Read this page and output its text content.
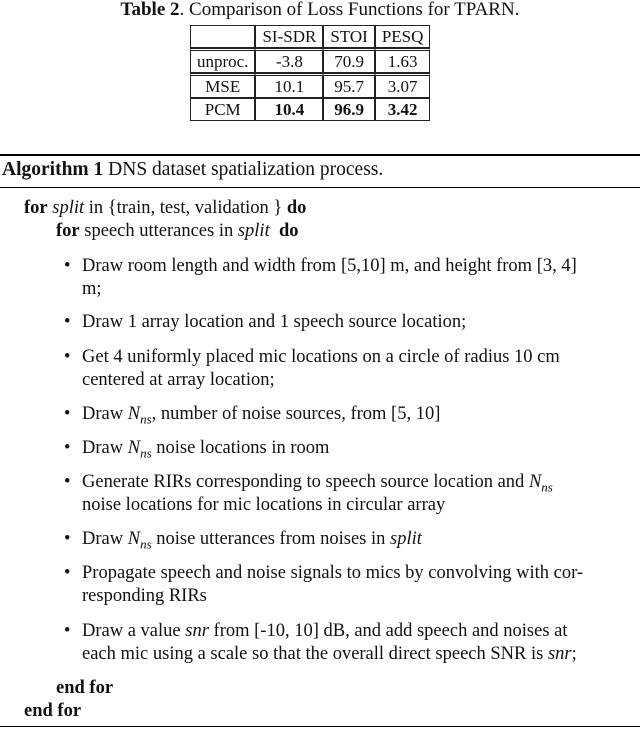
Table 2. Comparison of Loss Functions for TPARN.
	SI-SDR	STOI	PESQ
unproc.	-3.8	70.9	1.63
MSE	10.1	95.7	3.07
PCM	10.4	96.9	3.42
Algorithm 1 DNS dataset spatialization process.
for split in {train, test, validation } do
for speech utterances in split do
• Draw room length and width from [5,10] m, and height from [3, 4]
m;
• Draw 1 array location and 1 speech source location;
• Get 4 uniformly placed mic locations on a circle of radius 10 cm
centered at array location;
• Draw $N_{ns}$, number of noise sources, from [5, 10]
• Draw $N_{ns}$ noise locations in room
• Generate RIRs corresponding to speech source location and $N_{ns}$
noise locations for mic locations in circular array
• Draw $N_{ns}$ noise utterances from noises in split
• Propagate speech and noise signals to mics by convolving with cor-
responding RIRs
• Draw a value snr from [-10, 10] dB, and add speech and noises at
each mic using a scale so that the overall direct speech SNR is snr;
end for
end for
